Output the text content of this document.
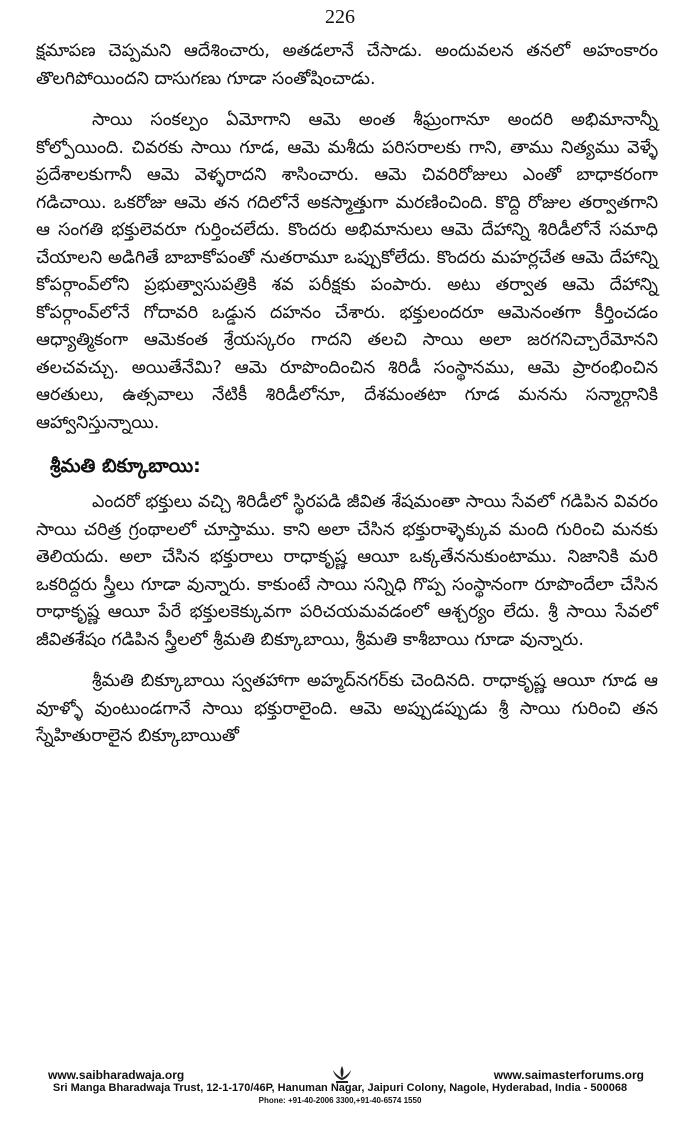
226

క్షమాపణ చెప్పమని ఆదేశించారు, అతడలానే చేసాడు. అందువలన తనలో అహంకారం తొలగిపోయిందని దాసుగణు గూడా సంతోషించాడు.

సాయి సంకల్పం ఏమోగాని ఆమె అంత శీఘ్రంగానూ అందరి అభిమానాన్నీ కోల్పోయింది. చివరకు సాయి గూడ, ఆమె మశీదు పరిసరాలకు గాని, తాము నిత్యము వెళ్ళే ప్రదేశాలకుగానీ ఆమె వెళ్ళరాదని శాసించారు. ఆమె చివరిరోజులు ఎంతో బాధాకరంగా గడిచాయి. ఒకరోజు ఆమె తన గదిలోనే అకస్మాత్తుగా మరణించింది. కొద్ది రోజుల తర్వాతగాని ఆ సంగతి భక్తులెవరూ గుర్తించలేదు. కొందరు అభిమానులు ఆమె దేహాన్ని శిరిడీలోనే సమాధి చేయాలని అడిగితే బాబాకోపంతో నుతరామూ ఒప్పుకోలేదు. కొందరు మహర్లచేత ఆమె దేహాన్ని కోపర్గాంవ్‌లోని ప్రభుత్వాసుపత్రికి శవ పరీక్షకు పంపారు. అటు తర్వాత ఆమె దేహాన్ని కోపర్గాంవ్‌లోనే గోదావరి ఒడ్డున దహనం చేశారు. భక్తులందరూ ఆమెనంతగా కీర్తించడం ఆధ్యాత్మికంగా ఆమెకంత శ్రేయస్కరం గాదని తలచి సాయి అలా జరగనిచ్చారేమోనని తలచవచ్చు. అయితేనేమి? ఆమె రూపొందించిన శిరిడీ సంస్థానము, ఆమె ప్రారంభించిన ఆరతులు, ఉత్సవాలు నేటికీ శిరిడీలోనూ, దేశమంతటా గూడ మనను సన్మార్గానికి ఆహ్వానిస్తున్నాయి.

శ్రీమతి బిక్కూబాయి:

ఎందరో భక్తులు వచ్చి శిరిడీలో స్థిరపడి జీవిత శేషమంతా సాయి సేవలో గడిపిన వివరం సాయి చరిత్ర గ్రంథాలలో చూస్తాము. కాని అలా చేసిన భక్తురాళ్ళెక్కువ మంది గురించి మనకు తెలియదు. అలా చేసిన భక్తురాలు రాధాకృష్ణ ఆయీ ఒక్కతేననుకుంటాము. నిజానికి మరి ఒకరిద్దరు స్త్రీలు గూడా వున్నారు. కాకుంటే సాయి సన్నిధి గొప్ప సంస్థానంగా రూపొందేలా చేసిన రాధాకృష్ణ ఆయీ పేరే భక్తులకెక్కువగా పరిచయమవడంలో ఆశ్చర్యం లేదు. శ్రీ సాయి సేవలో జీవితశేషం గడిపిన స్త్రీలలో శ్రీమతి బిక్కూబాయి, శ్రీమతి కాశీబాయి గూడా వున్నారు.

శ్రీమతి బిక్కూబాయి స్వతహాగా అహ్మద్‌నగర్‌కు చెందినది. రాధాకృష్ణ ఆయీ గూడ ఆ వూళ్ళో వుంటుండగానే సాయి భక్తురాలైంది. ఆమె అప్పుడప్పుడు శ్రీ సాయి గురించి తన స్నేహితురాలైన బిక్కూబాయితో

www.saibharadwaja.org	www.saimasterforums.org
Sri Manga Bharadwaja Trust, 12-1-170/46P, Hanuman Nagar, Jaipuri Colony, Nagole, Hyderabad, India - 500068
Phone: +91-40-2006 3300,+91-40-6574 1550
